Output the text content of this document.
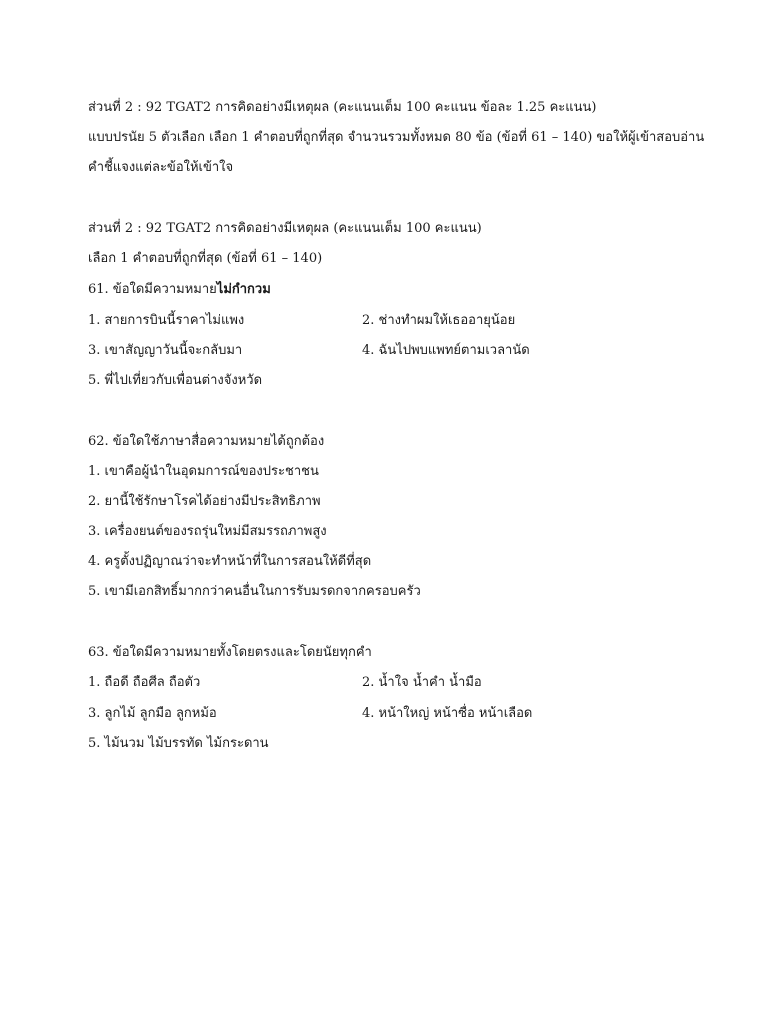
ส่วนที่ 2 : 92 TGAT2 การคิดอย่างมีเหตุผล (คะแนนเต็ม 100 คะแนน ข้อละ 1.25 คะแนน)
แบบปรนัย 5 ตัวเลือก เลือก 1 คำตอบที่ถูกที่สุด จำนวนรวมทั้งหมด 80 ข้อ (ข้อที่ 61 – 140) ขอให้ผู้เข้าสอบอ่าน
คำชี้แจงแต่ละข้อให้เข้าใจ
ส่วนที่ 2 : 92 TGAT2 การคิดอย่างมีเหตุผล (คะแนนเต็ม 100 คะแนน)
เลือก 1 คำตอบที่ถูกที่สุด (ข้อที่ 61 – 140)
61. ข้อใดมีความหมายไม่กำกวม
1. สายการบินนี้ราคาไม่แพง	2. ช่างทำผมให้เธออายุน้อย
3. เขาสัญญาวันนี้จะกลับมา	4. ฉันไปพบแพทย์ตามเวลานัด
5. พี่ไปเที่ยวกับเพื่อนต่างจังหวัด
62. ข้อใดใช้ภาษาสื่อความหมายได้ถูกต้อง
1. เขาคือผู้นำในอุดมการณ์ของประชาชน
2. ยานี้ใช้รักษาโรคได้อย่างมีประสิทธิภาพ
3. เครื่องยนต์ของรถรุ่นใหม่มีสมรรถภาพสูง
4. ครูตั้งปฏิญาณว่าจะทำหน้าที่ในการสอนให้ดีที่สุด
5. เขามีเอกสิทธิ์มากกว่าคนอื่นในการรับมรดกจากครอบครัว
63. ข้อใดมีความหมายทั้งโดยตรงและโดยนัยทุกคำ
1. ถือดี ถือศีล ถือตัว	2. น้ำใจ น้ำคำ น้ำมือ
3. ลูกไม้ ลูกมือ ลูกหม้อ	4. หน้าใหญ่ หน้าซื่อ หน้าเลือด
5. ไม้นวม ไม้บรรทัด ไม้กระดาน
